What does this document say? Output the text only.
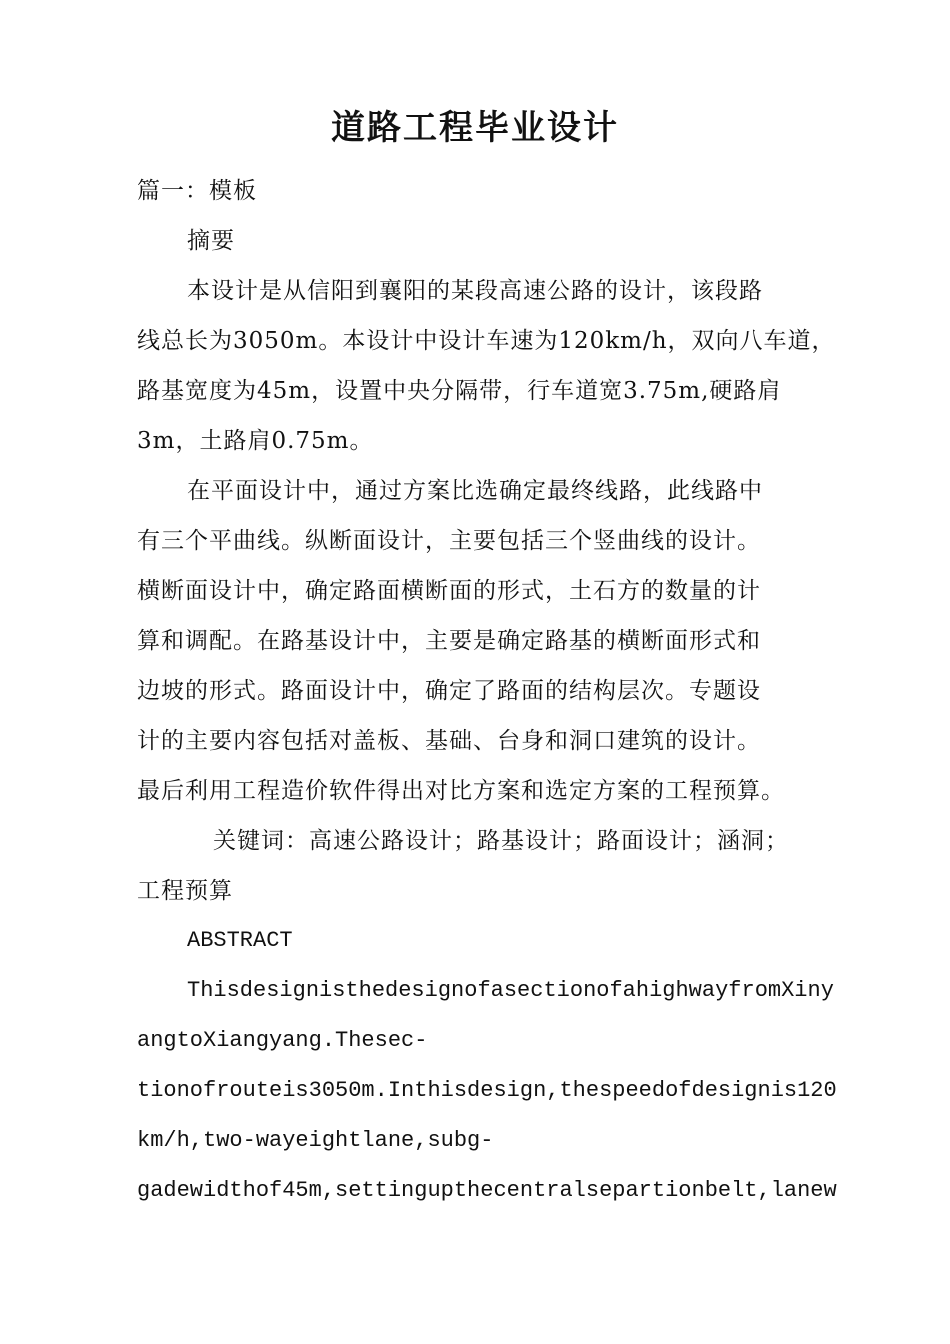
道路工程毕业设计

篇一：模板

摘要

本设计是从信阳到襄阳的某段高速公路的设计，该段路

线总长为3050m。本设计中设计车速为120km/h，双向八车道，

路基宽度为45m，设置中央分隔带，行车道宽3.75m,硬路肩

3m，土路肩0.75m。

在平面设计中，通过方案比选确定最终线路，此线路中

有三个平曲线。纵断面设计，主要包括三个竖曲线的设计。

横断面设计中，确定路面横断面的形式，土石方的数量的计

算和调配。在路基设计中，主要是确定路基的横断面形式和

边坡的形式。路面设计中，确定了路面的结构层次。专题设

计的主要内容包括对盖板、基础、台身和洞口建筑的设计。

最后利用工程造价软件得出对比方案和选定方案的工程预算。

关键词：高速公路设计；路基设计；路面设计；涵洞；

工程预算

ABSTRACT

ThisdesignisthedesignofasectionofahighwayfromXiny

angtoXiangyang.Thesec-

tionofrouteis3050m.Inthisdesign,thespeedofdesignis120

km/h,two-wayeightlane,subg-

gadewidthof45m,settingupthecentralsepartionbelt,lanew
